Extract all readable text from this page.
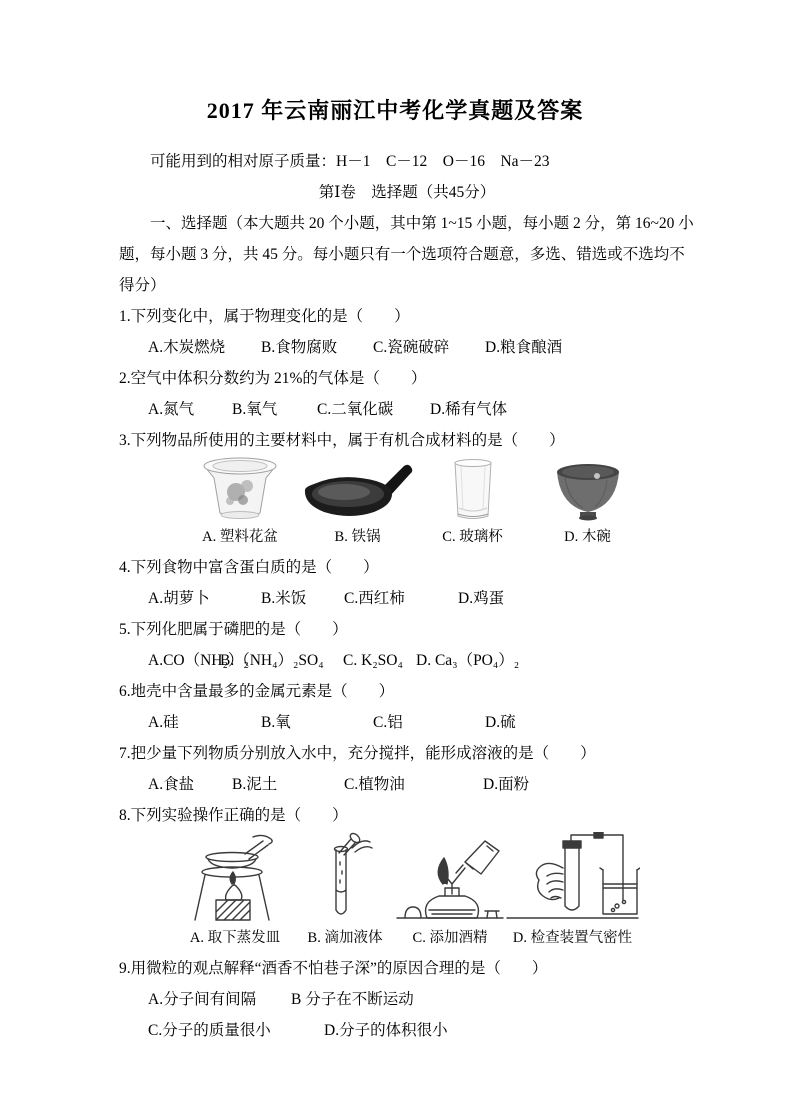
2017 年云南丽江中考化学真题及答案

可能用到的相对原子质量：H－1　C－12　O－16　Na－23

第Ⅰ卷　选择题（共45分）

一、选择题（本大题共 20 个小题，其中第 1~15 小题，每小题 2 分，第 16~20 小题，每小题 3 分，共 45 分。每小题只有一个选项符合题意，多选、错选或不选均不得分）

1.下列变化中，属于物理变化的是（　　）

A.木炭燃烧	B.食物腐败	C.瓷碗破碎	D.粮食酿酒

2.空气中体积分数约为 21%的气体是（　　）

A.氮气	B.氧气	C.二氧化碳	D.稀有气体

3.下列物品所使用的主要材料中，属于有机合成材料的是（　　）

A. 塑料花盆	B. 铁锅	C. 玻璃杯	D. 木碗

4.下列食物中富含蛋白质的是（　　）

A.胡萝卜	B.米饭	C.西红柿	D.鸡蛋

5.下列化肥属于磷肥的是（　　）

A.CO（NH₂）₂
B.（NH₄）₂SO₄	C. K₂SO₄ D. Ca₃（PO₄）₂

6.地壳中含量最多的金属元素是（　　）

A.硅	B.氧	C.铝	D.硫

7.把少量下列物质分别放入水中，充分搅拌，能形成溶液的是（　　）

A.食盐	B.泥土	C.植物油	D.面粉

8.下列实验操作正确的是（　　）

A. 取下蒸发皿 B. 滴加液体 C. 添加酒精 D. 检查装置气密性

9.用微粒的观点解释“酒香不怕巷子深”的原因合理的是（　　）

A.分子间有间隔	B 分子在不断运动
C.分子的质量很小	D.分子的体积很小
